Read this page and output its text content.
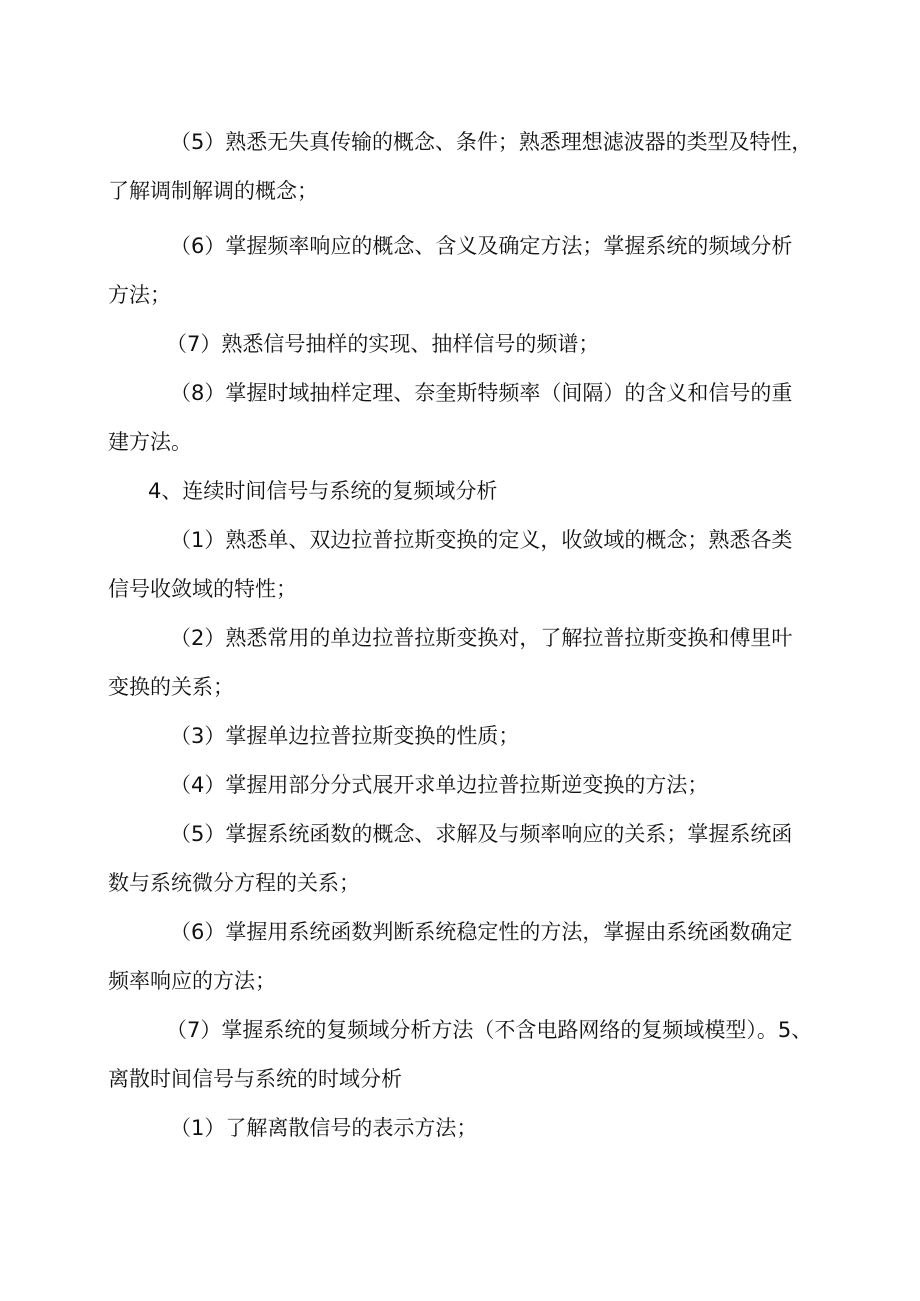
（5）熟悉无失真传输的概念、条件；熟悉理想滤波器的类型及特性，
了解调制解调的概念；
（6）掌握频率响应的概念、含义及确定方法；掌握系统的频域分析
方法；
（7）熟悉信号抽样的实现、抽样信号的频谱；
（8）掌握时域抽样定理、奈奎斯特频率（间隔）的含义和信号的重
建方法。
4、连续时间信号与系统的复频域分析
（1）熟悉单、双边拉普拉斯变换的定义，收敛域的概念；熟悉各类
信号收敛域的特性；
（2）熟悉常用的单边拉普拉斯变换对，了解拉普拉斯变换和傅里叶
变换的关系；
（3）掌握单边拉普拉斯变换的性质；
（4）掌握用部分分式展开求单边拉普拉斯逆变换的方法；
（5）掌握系统函数的概念、求解及与频率响应的关系；掌握系统函
数与系统微分方程的关系；
（6）掌握用系统函数判断系统稳定性的方法，掌握由系统函数确定
频率响应的方法；
（7）掌握系统的复频域分析方法（不含电路网络的复频域模型）。5、
离散时间信号与系统的时域分析
（1）了解离散信号的表示方法；
